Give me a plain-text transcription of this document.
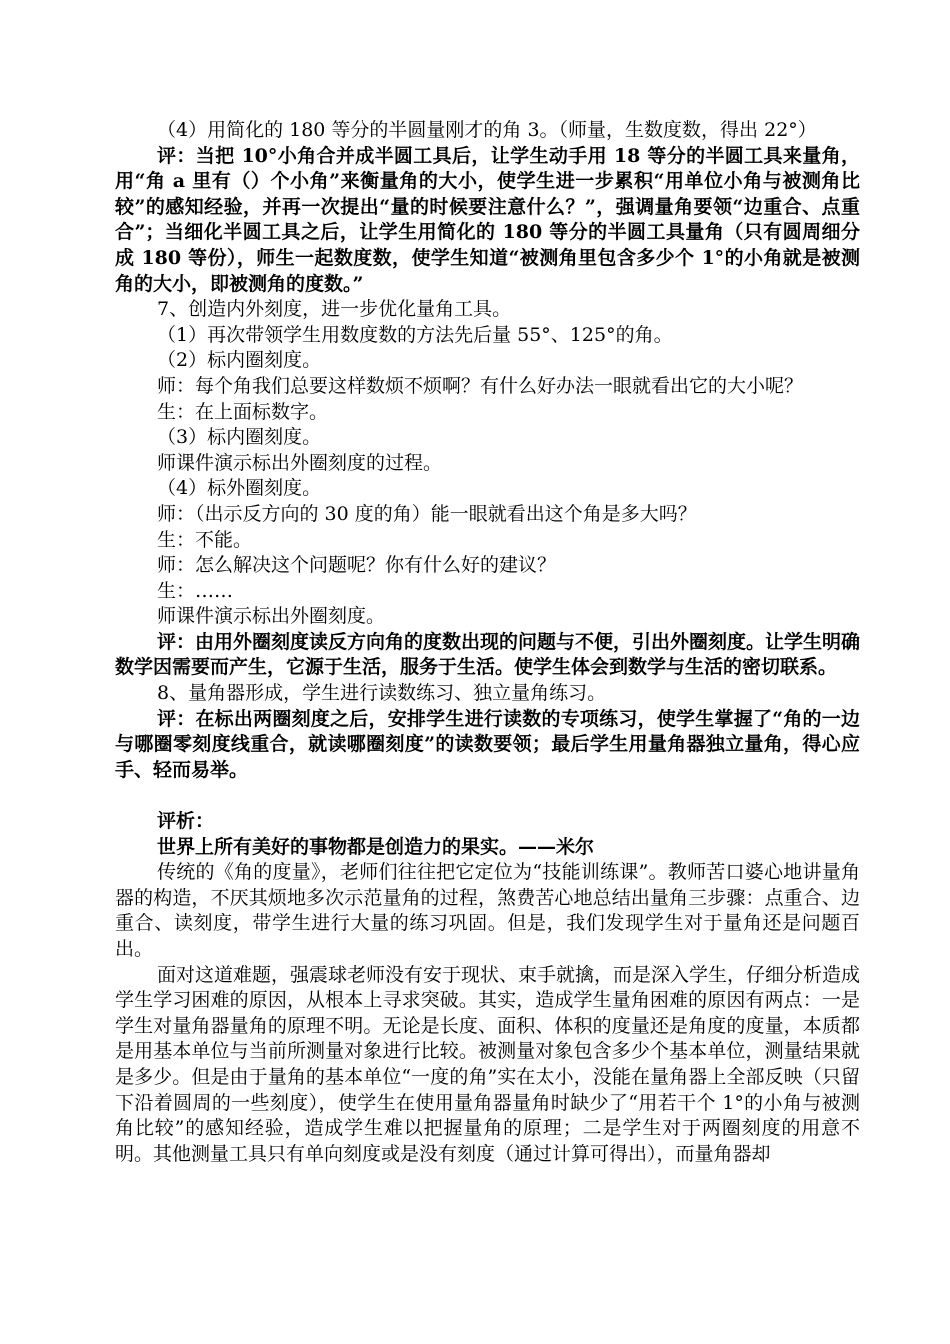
（4）用简化的 180 等分的半圆量刚才的角 3。（师量，生数度数，得出 22°）

评：当把 10°小角合并成半圆工具后，让学生动手用 18 等分的半圆工具来量角，用“角 a 里有（）个小角”来衡量角的大小，使学生进一步累积“用单位小角与被测角比较”的感知经验，并再一次提出“量的时候要注意什么？”，强调量角要领“边重合、点重合”；当细化半圆工具之后，让学生用简化的 180 等分的半圆工具量角（只有圆周细分成 180 等份），师生一起数度数，使学生知道“被测角里包含多少个 1°的小角就是被测角的大小，即被测角的度数。”

7、创造内外刻度，进一步优化量角工具。

（1）再次带领学生用数度数的方法先后量 55°、125°的角。

（2）标内圈刻度。

师：每个角我们总要这样数烦不烦啊？有什么好办法一眼就看出它的大小呢？

生：在上面标数字。

（3）标内圈刻度。

师课件演示标出外圈刻度的过程。

（4）标外圈刻度。

师：（出示反方向的 30 度的角）能一眼就看出这个角是多大吗？

生：不能。

师：怎么解决这个问题呢？你有什么好的建议？

生：……

师课件演示标出外圈刻度。

评：由用外圈刻度读反方向角的度数出现的问题与不便，引出外圈刻度。让学生明确数学因需要而产生，它源于生活，服务于生活。使学生体会到数学与生活的密切联系。

8、量角器形成，学生进行读数练习、独立量角练习。

评：在标出两圈刻度之后，安排学生进行读数的专项练习，使学生掌握了“角的一边与哪圈零刻度线重合，就读哪圈刻度”的读数要领；最后学生用量角器独立量角，得心应手、轻而易举。

评析：

世界上所有美好的事物都是创造力的果实。——米尔

传统的《角的度量》，老师们往往把它定位为“技能训练课”。教师苦口婆心地讲量角器的构造，不厌其烦地多次示范量角的过程，煞费苦心地总结出量角三步骤：点重合、边重合、读刻度，带学生进行大量的练习巩固。但是，我们发现学生对于量角还是问题百出。

面对这道难题，强震球老师没有安于现状、束手就擒，而是深入学生，仔细分析造成学生学习困难的原因，从根本上寻求突破。其实，造成学生量角困难的原因有两点：一是学生对量角器量角的原理不明。无论是长度、面积、体积的度量还是角度的度量，本质都是用基本单位与当前所测量对象进行比较。被测量对象包含多少个基本单位，测量结果就是多少。但是由于量角的基本单位“一度的角”实在太小，没能在量角器上全部反映（只留下沿着圆周的一些刻度），使学生在使用量角器量角时缺少了“用若干个 1°的小角与被测角比较”的感知经验，造成学生难以把握量角的原理；二是学生对于两圈刻度的用意不明。其他测量工具只有单向刻度或是没有刻度（通过计算可得出），而量角器却
